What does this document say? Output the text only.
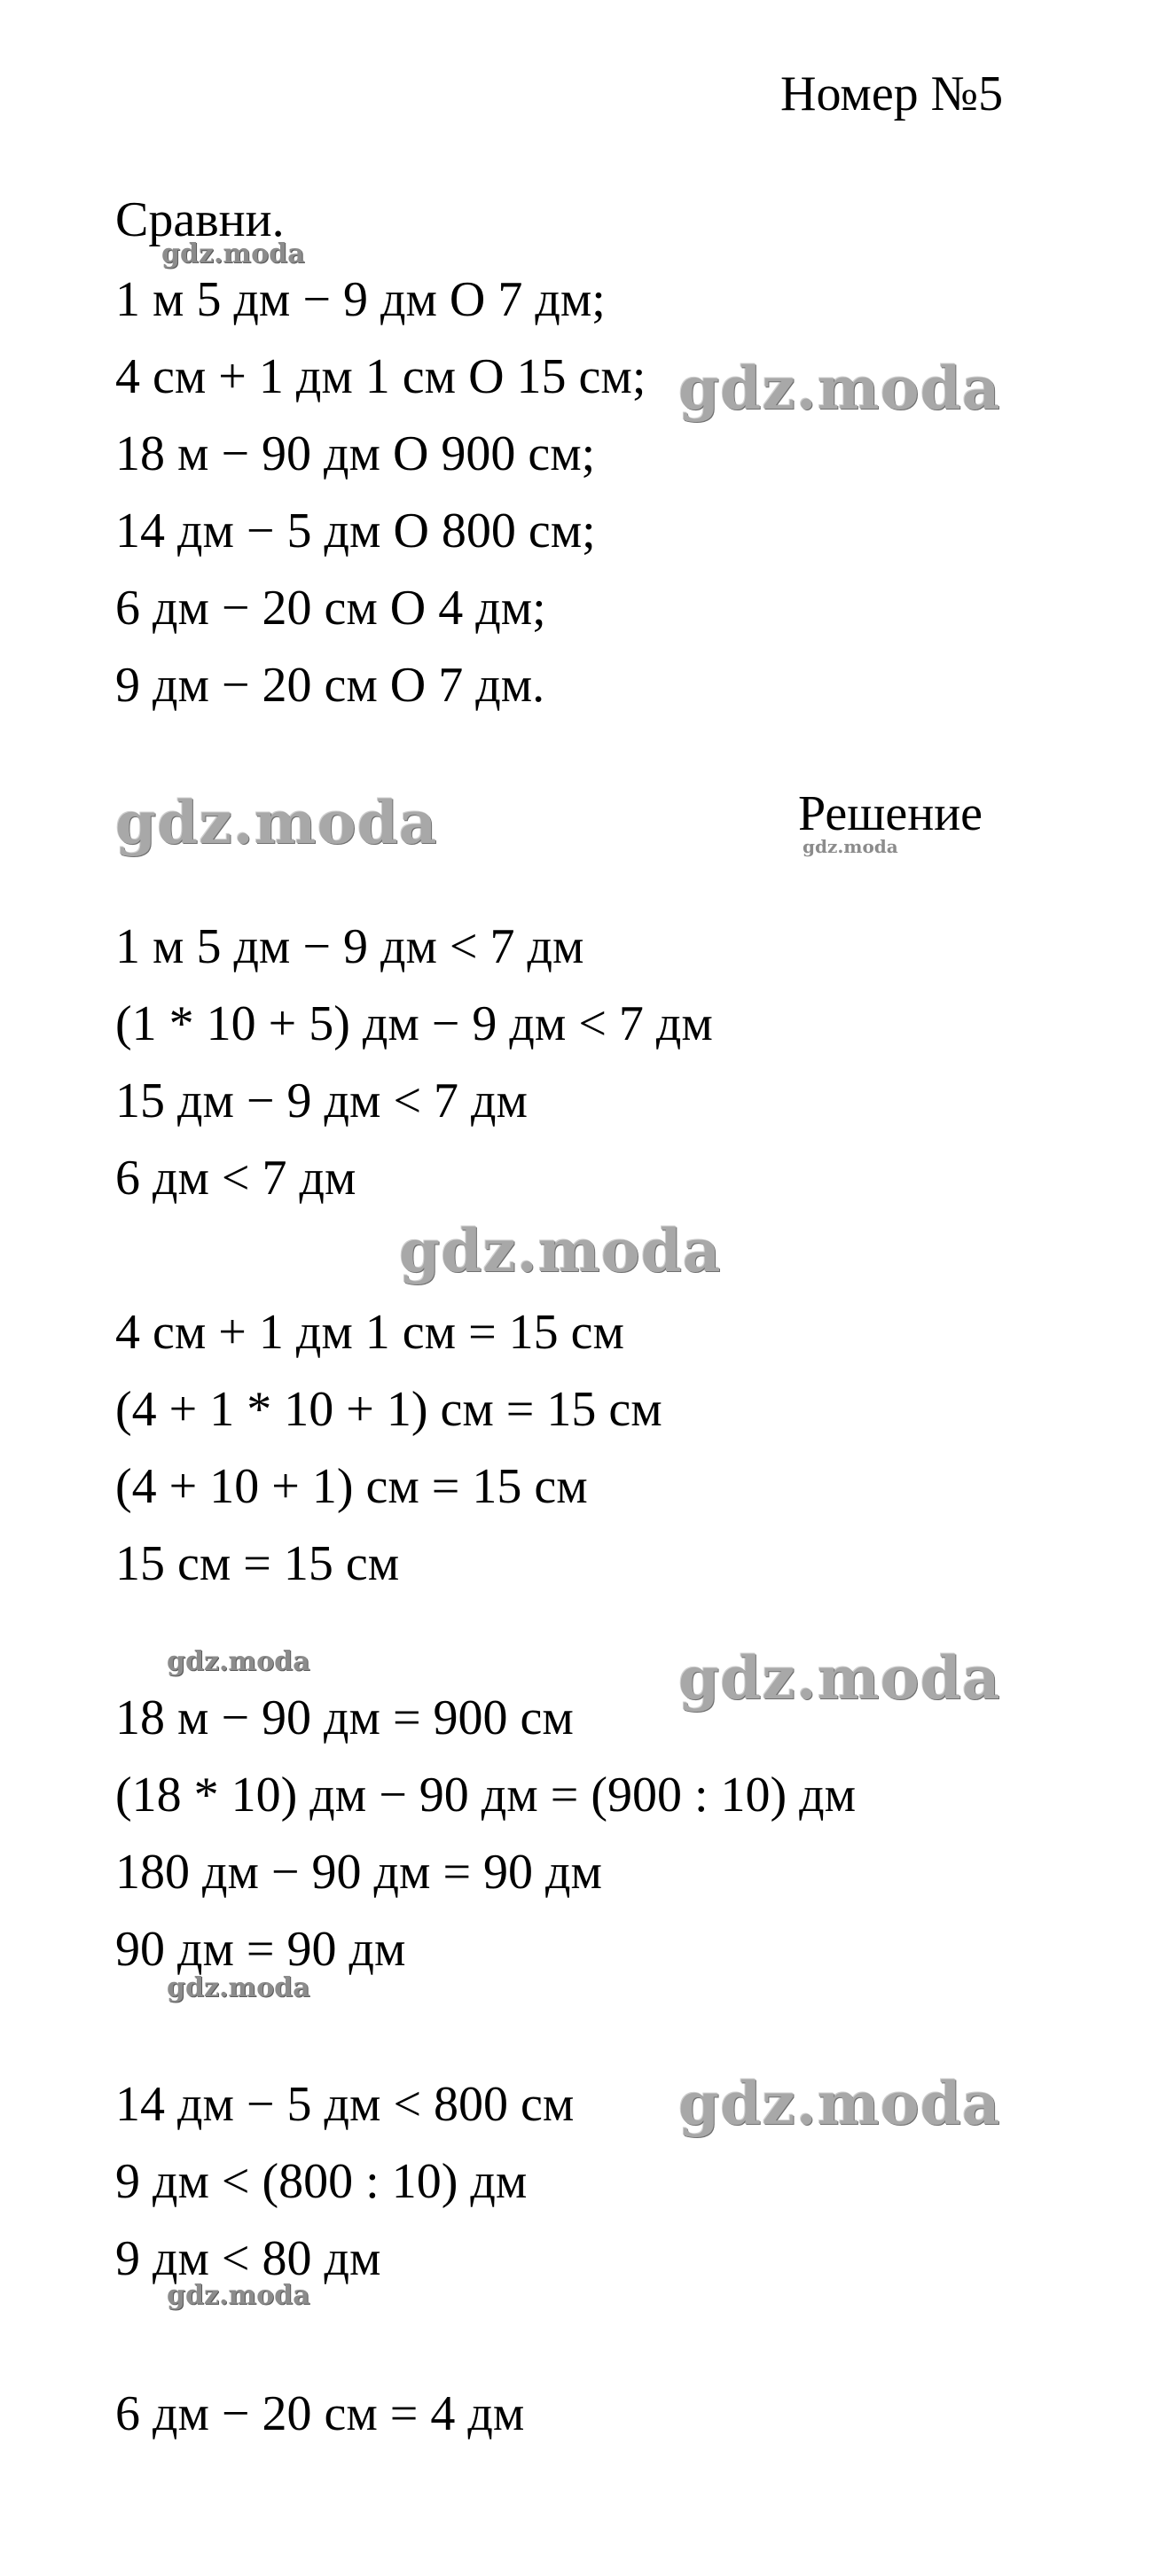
Номер №5
Сравни.
1 м 5 дм − 9 дм О 7 дм;
4 см + 1 дм 1 см О 15 см;
18 м − 90 дм О 900 см;
14 дм − 5 дм О 800 см;
6 дм − 20 см О 4 дм;
9 дм − 20 см О 7 дм.
Решение
1 м 5 дм − 9 дм < 7 дм
(1 * 10 + 5) дм − 9 дм < 7 дм
15 дм − 9 дм < 7 дм
6 дм < 7 дм
4 см + 1 дм 1 см = 15 см
(4 + 1 * 10 + 1) см = 15 см
(4 + 10 + 1) см = 15 см
15 см = 15 см
18 м − 90 дм = 900 см
(18 * 10) дм − 90 дм = (900 : 10) дм
180 дм − 90 дм = 90 дм
90 дм = 90 дм
14 дм − 5 дм < 800 см
9 дм < (800 : 10) дм
9 дм < 80 дм
6 дм − 20 см = 4 дм
gdz.moda
gdz.moda
gdz.moda	gdz.moda
gdz.moda
gdz.moda	gdz.moda
gdz.moda
gdz.moda
gdz.moda
